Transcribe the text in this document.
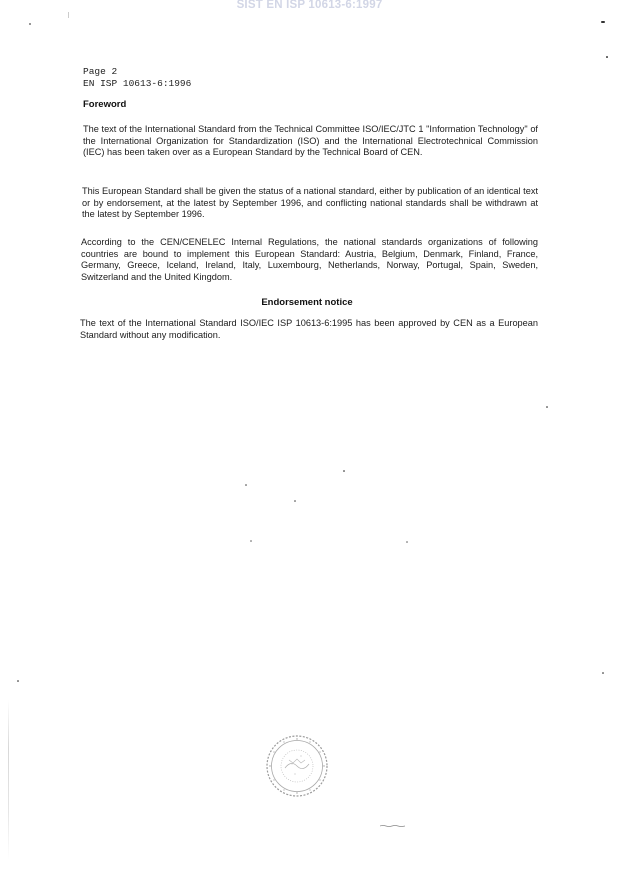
SIST EN ISP 10613-6:1997
Page 2
EN ISP 10613-6:1996
Foreword
The text of the International Standard from the Technical Committee ISO/IEC/JTC 1 "Information Technology" of the International Organization for Standardization (ISO) and the International Electrotechnical Commission (IEC) has been taken over as a European Standard by the Technical Board of CEN.
This European Standard shall be given the status of a national standard, either by publication of an identical text or by endorsement, at the latest by September 1996, and conflicting national standards shall be withdrawn at the latest by September 1996.
According to the CEN/CENELEC Internal Regulations, the national standards organizations of following countries are bound to implement this European Standard: Austria, Belgium, Denmark, Finland, France, Germany, Greece, Iceland, Ireland, Italy, Luxembourg, Netherlands, Norway, Portugal, Spain, Sweden, Switzerland and the United Kingdom.
Endorsement notice
The text of the International Standard ISO/IEC ISP 10613-6:1995 has been approved by CEN as a European Standard without any modification.
